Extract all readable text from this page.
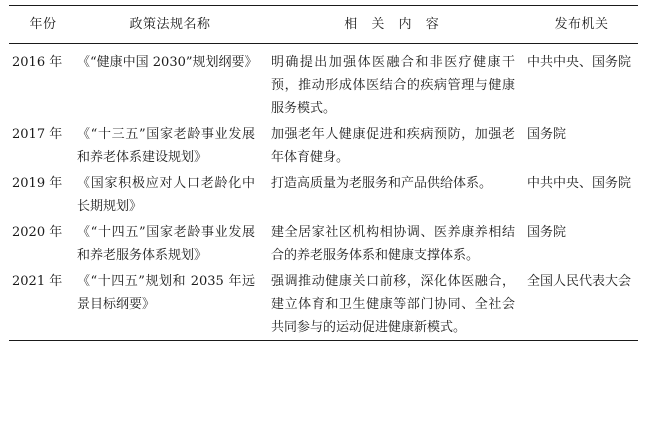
年份	政策法规名称	相 关 内 容	发布机关
2016 年	《“健康中国 2030”规划纲要》	明确提出加强体医融合和非医疗健康干预，推动形成体医结合的疾病管理与健康服务模式。	中共中央、国务院
2017 年	《“十三五”国家老龄事业发展和养老体系建设规划》	加强老年人健康促进和疾病预防，加强老年体育健身。	国务院
2019 年	《国家积极应对人口老龄化中长期规划》	打造高质量为老服务和产品供给体系。	中共中央、国务院
2020 年	《“十四五”国家老龄事业发展和养老服务体系规划》	建全居家社区机构相协调、医养康养相结合的养老服务体系和健康支撑体系。	国务院
2021 年	《“十四五”规划和 2035 年远景目标纲要》	强调推动健康关口前移，深化体医融合，建立体育和卫生健康等部门协同、全社会共同参与的运动促进健康新模式。	全国人民代表大会
